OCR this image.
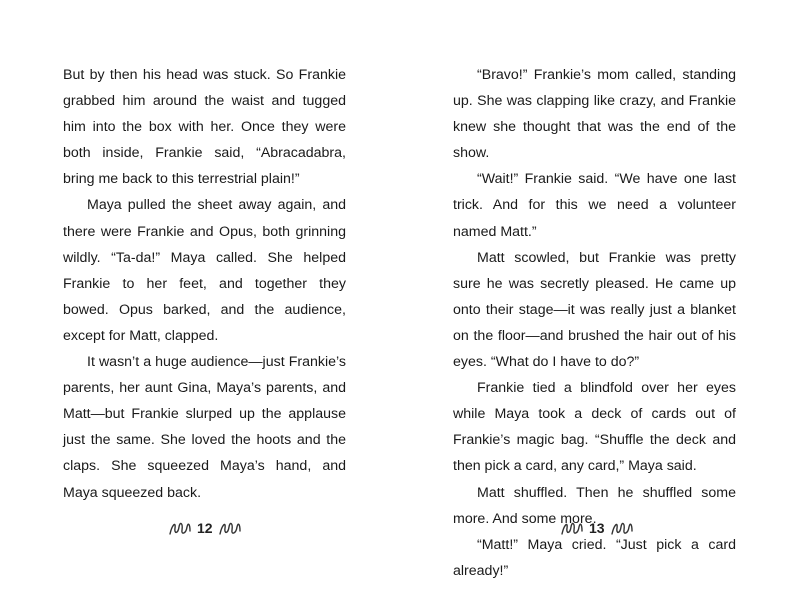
But by then his head was stuck. So Frankie grabbed him around the waist and tugged him into the box with her. Once they were both inside, Frankie said, “Abracadabra, bring me back to this terrestrial plain!”

Maya pulled the sheet away again, and there were Frankie and Opus, both grinning wildly. “Ta-da!” Maya called. She helped Frankie to her feet, and together they bowed. Opus barked, and the audience, except for Matt, clapped.

It wasn’t a huge audience—just Frankie’s parents, her aunt Gina, Maya’s parents, and Matt—but Frankie slurped up the applause just the same. She loved the hoots and the claps. She squeezed Maya’s hand, and Maya squeezed back.

“Bravo!” Frankie’s mom called, standing up. She was clapping like crazy, and Frankie knew she thought that was the end of the show.

“Wait!” Frankie said. “We have one last trick. And for this we need a volunteer named Matt.”

Matt scowled, but Frankie was pretty sure he was secretly pleased. He came up onto their stage—it was really just a blanket on the floor—and brushed the hair out of his eyes. “What do I have to do?”

Frankie tied a blindfold over her eyes while Maya took a deck of cards out of Frankie’s magic bag. “Shuffle the deck and then pick a card, any card,” Maya said.

Matt shuffled. Then he shuffled some more. And some more.

“Matt!” Maya cried. “Just pick a card already!”

12	13
